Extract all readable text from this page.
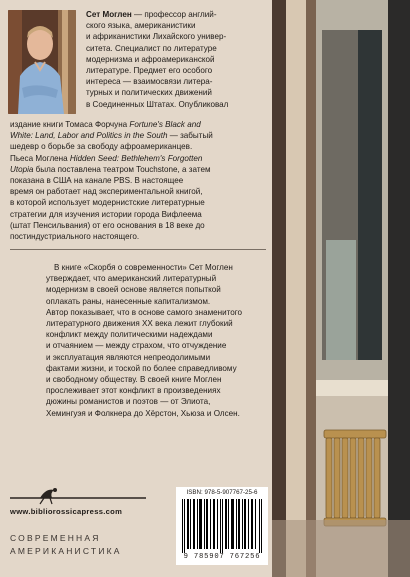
Сет Моглен — профессор англий-
ского языка, американистики
и африканистики Лихайского универ-
ситета. Специалист по литературе
модернизма и афроамериканской
литературе. Предмет его особого
интереса — взаимосвязи литера-
турных и политических движений
в Соединенных Штатах. Опубликовал
издание книги Томаса Форчуна Fortune's Black and
White: Land, Labor and Politics in the South — забытый
шедевр о борьбе за свободу афроамериканцев.
Пьеса Моглена Hidden Seed: Bethlehem's Forgotten
Utopia была поставлена театром Touchstone, а затем
показана в США на канале PBS. В настоящее
время он работает над экспериментальной книгой,
в которой использует модернистские литературные
стратегии для изучения истории города Вифлеема
(штат Пенсильвания) от его основания в 18 веке до
постиндустриального настоящего.
В книге «Скорбя о современности» Сет Моглен
утверждает, что американский литературный
модернизм в своей основе является попыткой
оплакать раны, нанесенные капитализмом.
Автор показывает, что в основе самого знаменитого
литературного движения XX века лежит глубокий
конфликт между политическими надеждами
и отчаянием — между страхом, что отчуждение
и эксплуатация являются непреодолимыми
фактами жизни, и тоской по более справедливому
и свободному обществу. В своей книге Моглен
прослеживает этот конфликт в произведениях
дюжины романистов и поэтов — от Элиота,
Хемингуэя и Фолкнера до Хёрстон, Хьюза и Олсен.
www.bibliorossicapress.com
СОВРЕМЕННАЯ
АМЕРИКАНИСТИКА
ISBN: 978-5-907767-25-6
9 785907 767256
